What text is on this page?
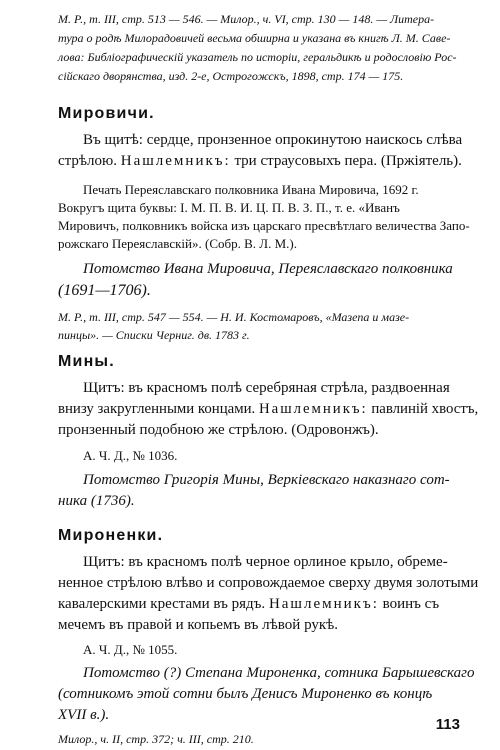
М. Р., т. III, стр. 513 — 546. — Милор., ч. VI, стр. 130 — 148. — Литера-
тура о родѣ Милорадовичей весьма обширна и указана въ книгѣ Л. М. Саве-
лова: Библіографическій указатель по исторіи, геральдикѣ и родословію Рос-
сійскаго дворянства, изд. 2-е, Острогожскъ, 1898, стр. 174 — 175.
Мировичи.
Въ щитѣ: сердце, пронзенное опрокинутою наискось слѣва
стрѣлою. Нашлемникъ: три страусовыхъ пера. (Пржіятель).
Печать Переяславскаго полковника Ивана Мировича, 1692 г.
Вокругъ щита буквы: І. М. П. В. И. Ц. П. В. З. П., т. е. «Иванъ
Мировичъ, полковникъ войска изъ царскаго пресвѣтлаго величества Запо-
рожскаго Переяславскій». (Собр. В. Л. М.).
Потомство Ивана Мировича, Переяславскаго полковника
(1691—1706).
М. Р., т. III, стр. 547 — 554. — Н. И. Костомаровъ, «Мазепа и мазе-
пинцы». — Списки Черниг. дв. 1783 г.
Мины.
Щитъ: въ красномъ полѣ серебряная стрѣла, раздвоенная
внизу закругленными концами. Нашлемникъ: павлиній хвостъ,
пронзенный подобною же стрѣлою. (Одровонжъ).
А. Ч. Д., № 1036.
Потомство Григорія Мины, Веркіевскаго наказнаго сот-
ника (1736).
Мироненки.
Щитъ: въ красномъ полѣ черное орлиное крыло, обреме-
ненное стрѣлою влѣво и сопровождаемое сверху двумя золотыми
кавалерскими крестами въ рядъ. Нашлемникъ: воинъ съ
мечемъ въ правой и копьемъ въ лѣвой рукѣ.
А. Ч. Д., № 1055.
Потомство (?) Степана Мироненка, сотника Барышевскаго
(сотникомъ этой сотни былъ Денисъ Мироненко въ концѣ
XVII в.).
Милор., ч. II, стр. 372; ч. III, стр. 210.
113
